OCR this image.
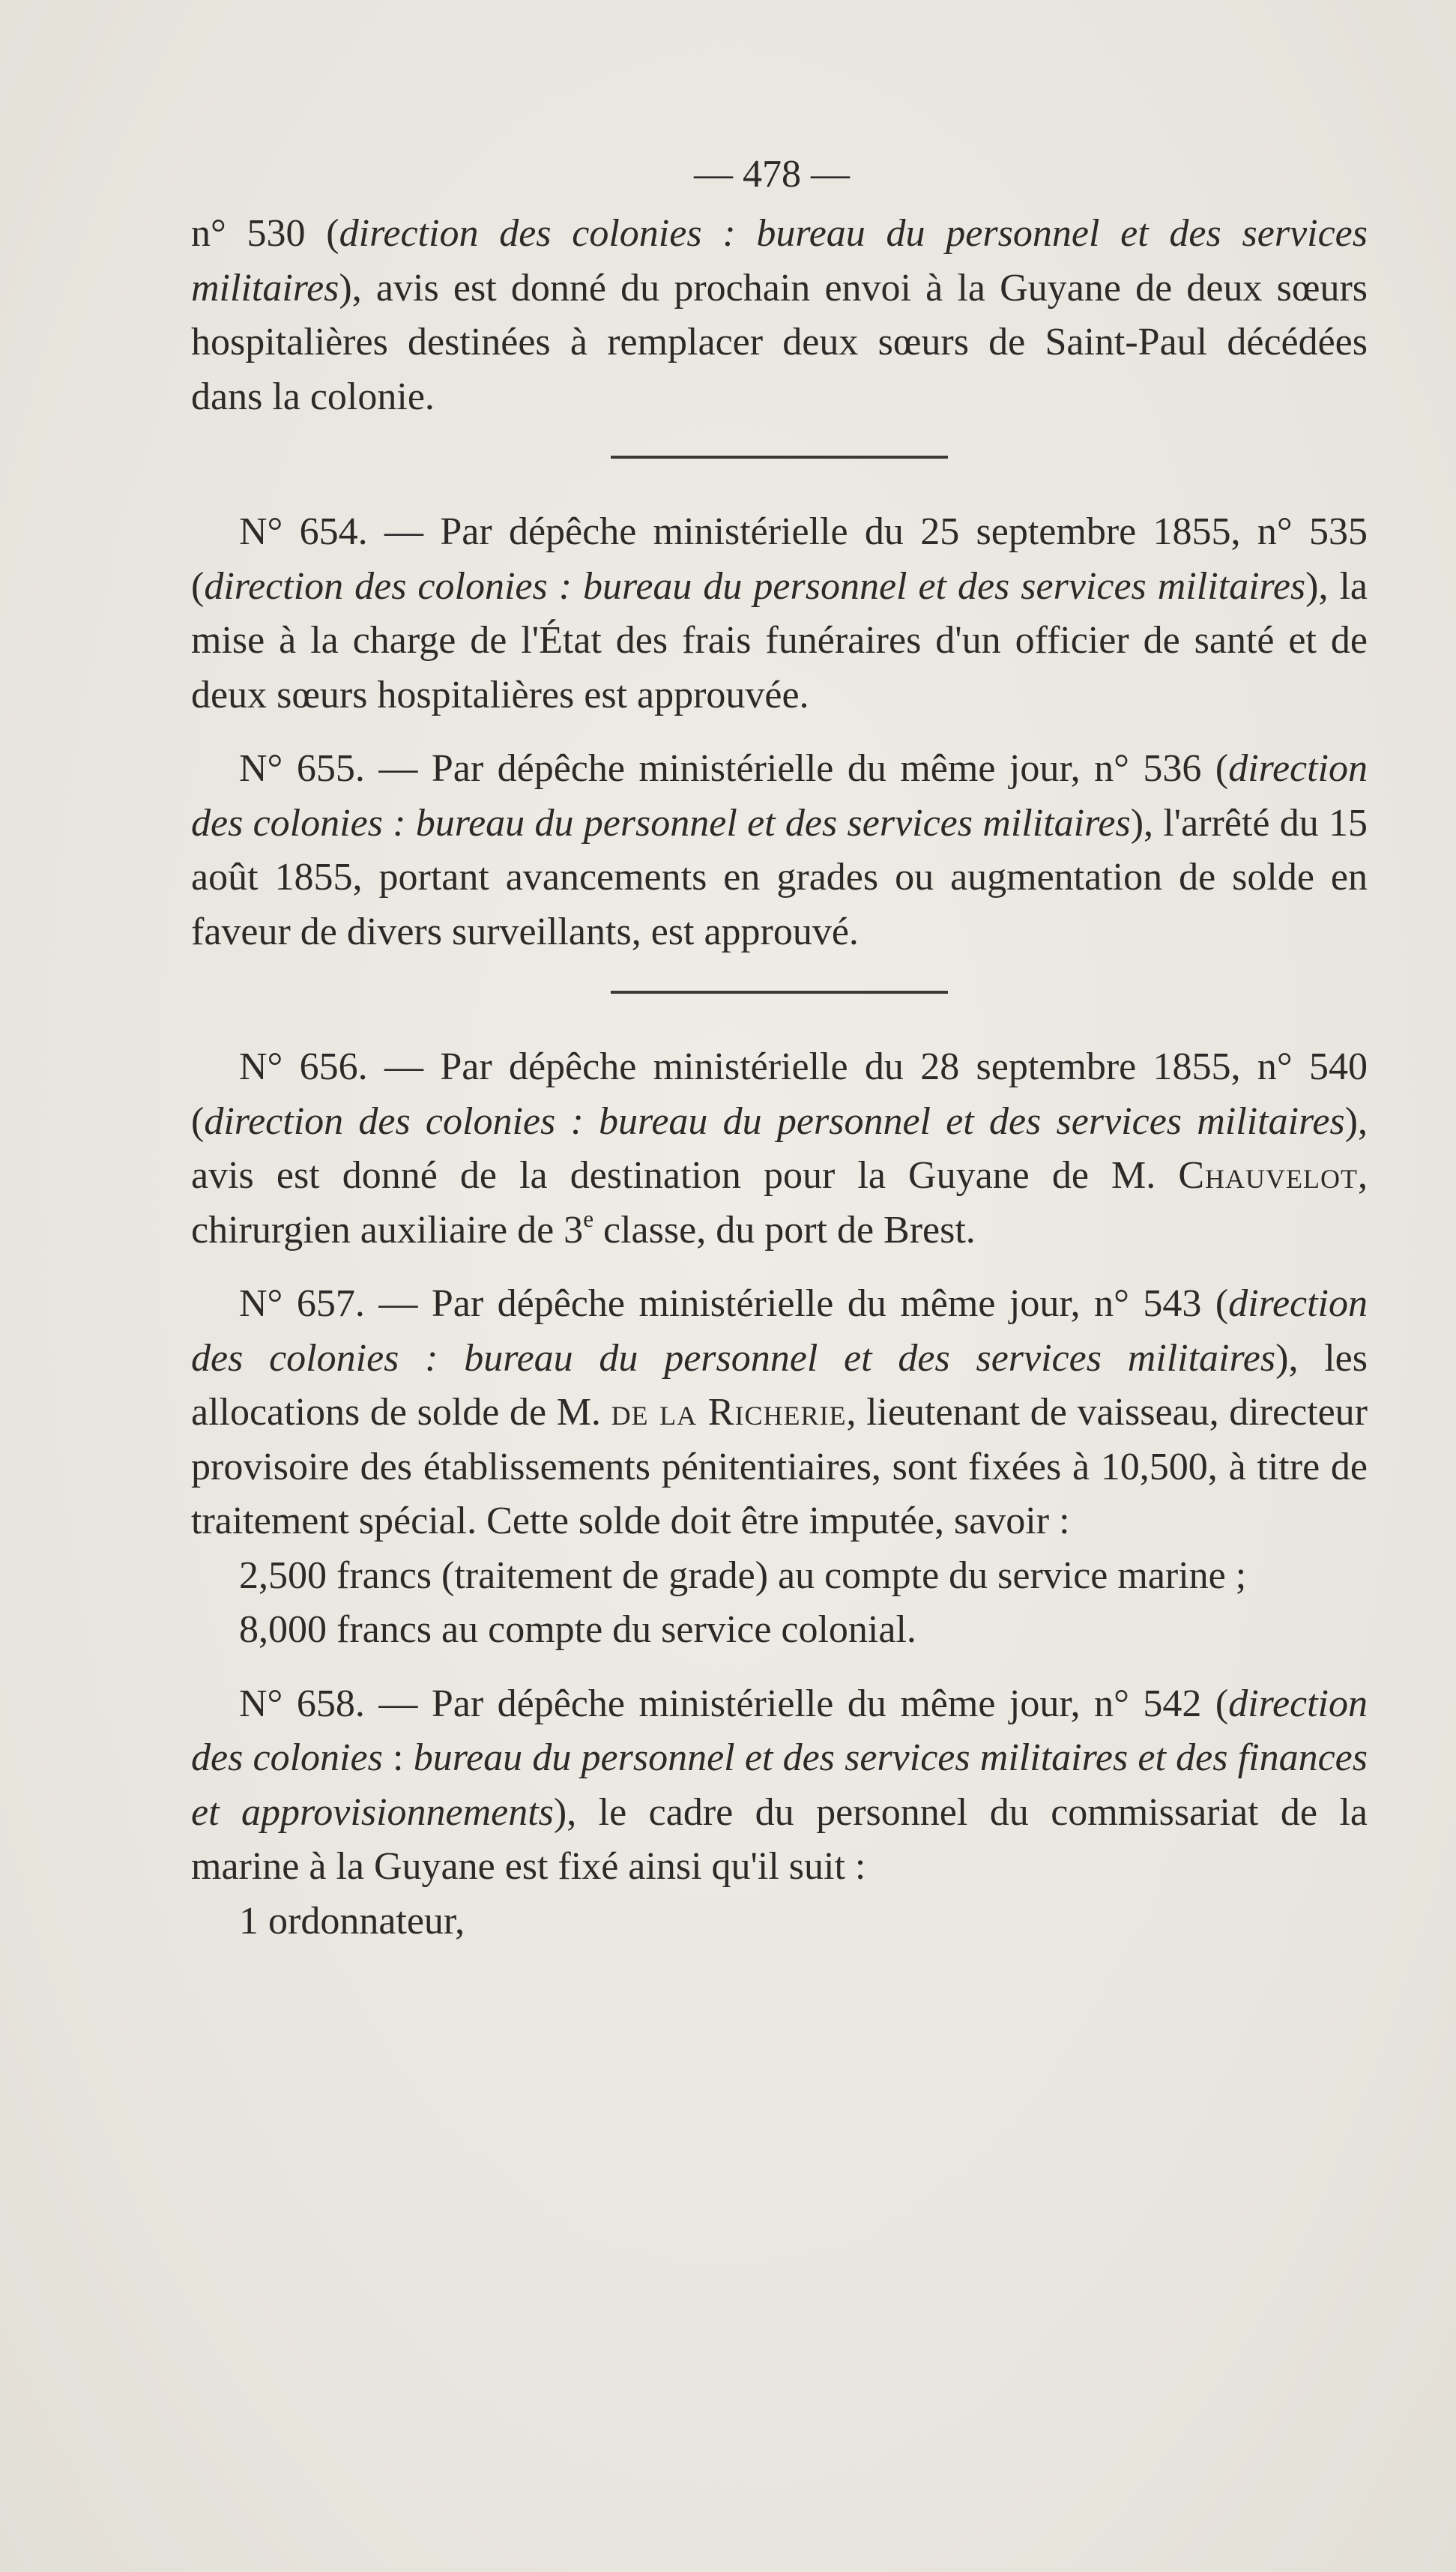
— 478 —

n° 530 (direction des colonies : bureau du personnel et des services militaires), avis est donné du prochain envoi à la Guyane de deux sœurs hospitalières destinées à remplacer deux sœurs de Saint-Paul décédées dans la colonie.

N° 654. — Par dépêche ministérielle du 25 septembre 1855, n° 535 (direction des colonies : bureau du personnel et des services militaires), la mise à la charge de l'État des frais funéraires d'un officier de santé et de deux sœurs hospitalières est approuvée.

N° 655. — Par dépêche ministérielle du même jour, n° 536 (direction des colonies : bureau du personnel et des services militaires), l'arrêté du 15 août 1855, portant avancements en grades ou augmentation de solde en faveur de divers surveillants, est approuvé.

N° 656. — Par dépêche ministérielle du 28 septembre 1855, n° 540 (direction des colonies : bureau du personnel et des services militaires), avis est donné de la destination pour la Guyane de M. Chauvelot, chirurgien auxiliaire de 3e classe, du port de Brest.

N° 657. — Par dépêche ministérielle du même jour, n° 543 (direction des colonies : bureau du personnel et des services militaires), les allocations de solde de M. de la Richerie, lieutenant de vaisseau, directeur provisoire des établissements pénitentiaires, sont fixées à 10,500, à titre de traitement spécial. Cette solde doit être imputée, savoir :

2,500 francs (traitement de grade) au compte du service marine ;

8,000 francs au compte du service colonial.

N° 658. — Par dépêche ministérielle du même jour, n° 542 (direction des colonies : bureau du personnel et des services militaires et des finances et approvisionnements), le cadre du personnel du commissariat de la marine à la Guyane est fixé ainsi qu'il suit :

1 ordonnateur,
